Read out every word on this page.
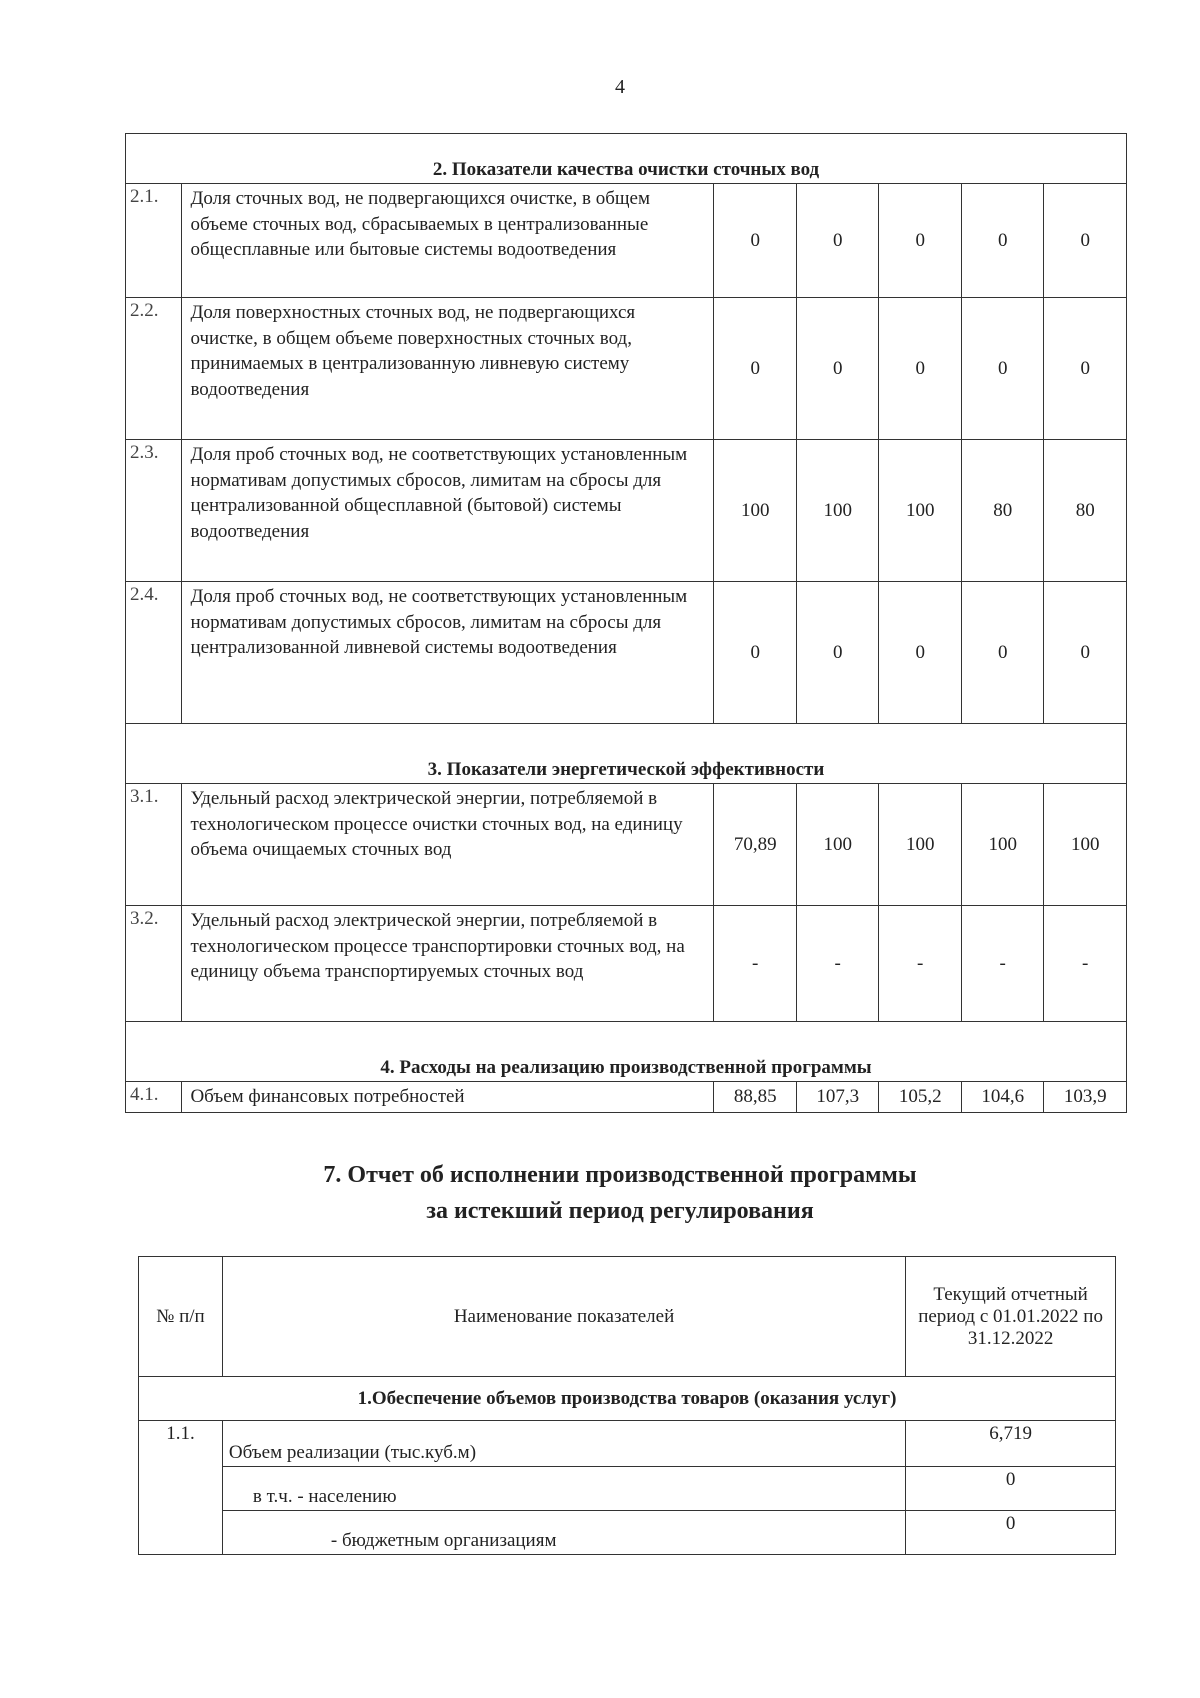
4
2. Показатели качества очистки сточных вод						
2.1.	Доля сточных вод, не подвергающихся очистке, в общем объеме сточных вод, сбрасываемых в централизованные общесплавные или бытовые системы водоотведения	0	0	0	0	0
2.2.	Доля поверхностных сточных вод, не подвергающихся очистке, в общем объеме поверхностных сточных вод, принимаемых в централизованную ливневую систему водоотведения	0	0	0	0	0
2.3.	Доля проб сточных вод, не соответствующих установленным нормативам допустимых сбросов, лимитам на сбросы для централизованной общесплавной (бытовой) системы водоотведения	100	100	100	80	80
2.4.	Доля проб сточных вод, не соответствующих установленным нормативам допустимых сбросов, лимитам на сбросы для централизованной ливневой системы водоотведения	0	0	0	0	0
3. Показатели энергетической эффективности						
3.1.	Удельный расход электрической энергии, потребляемой в технологическом процессе очистки сточных вод, на единицу объема очищаемых сточных вод	70,89	100	100	100	100
3.2.	Удельный расход электрической энергии, потребляемой в технологическом процессе транспортировки сточных вод, на единицу объема транспортируемых сточных вод	-	-	-	-	-
4. Расходы на реализацию производственной программы						
4.1.	Объем финансовых потребностей	88,85	107,3	105,2	104,6	103,9
7. Отчет об исполнении производственной программы
за истекший период регулирования
№ п/п	Наименование показателей	Текущий отчетный период с 01.01.2022 по 31.12.2022
1.Обеспечение объемов производства товаров (оказания услуг)		
1.1.	Объем реализации (тыс.куб.м)	6,719
	в т.ч. - населению	0
	- бюджетным организациям	0
